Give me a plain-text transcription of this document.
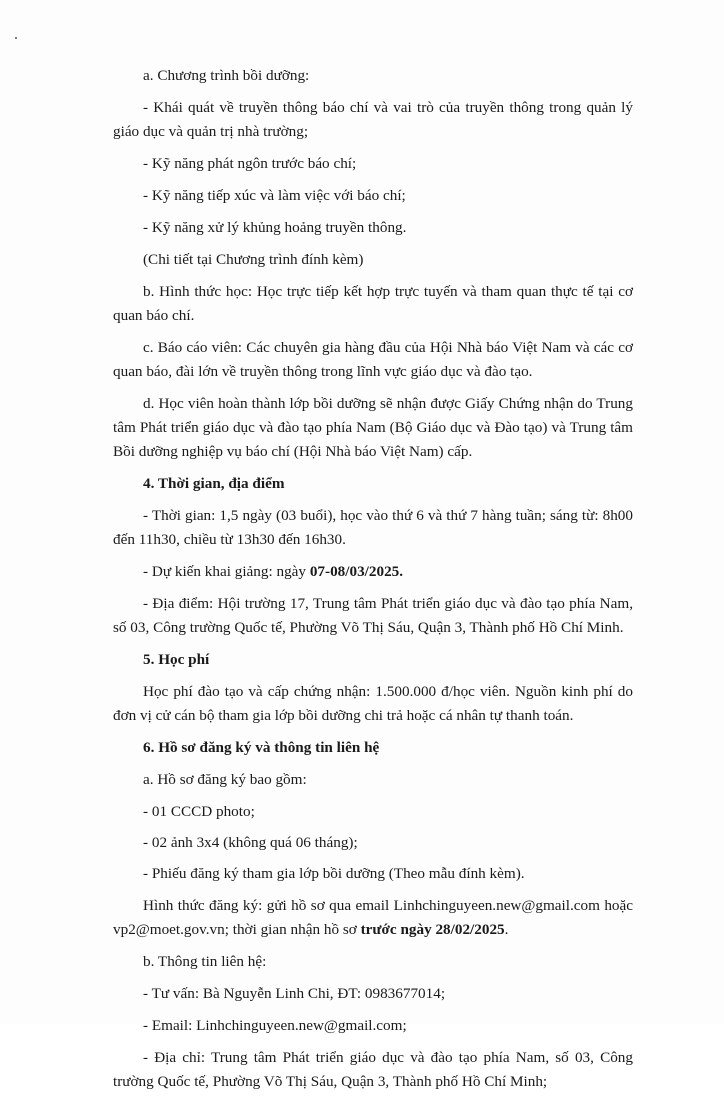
a. Chương trình bồi dưỡng:

- Khái quát về truyền thông báo chí và vai trò của truyền thông trong quản lý giáo dục và quản trị nhà trường;

- Kỹ năng phát ngôn trước báo chí;

- Kỹ năng tiếp xúc và làm việc với báo chí;

- Kỹ năng xử lý khủng hoảng truyền thông.

(Chi tiết tại Chương trình đính kèm)

b. Hình thức học: Học trực tiếp kết hợp trực tuyến và tham quan thực tế tại cơ quan báo chí.

c. Báo cáo viên: Các chuyên gia hàng đầu của Hội Nhà báo Việt Nam và các cơ quan báo, đài lớn về truyền thông trong lĩnh vực giáo dục và đào tạo.

d. Học viên hoàn thành lớp bồi dưỡng sẽ nhận được Giấy Chứng nhận do Trung tâm Phát triển giáo dục và đào tạo phía Nam (Bộ Giáo dục và Đào tạo) và Trung tâm Bồi dưỡng nghiệp vụ báo chí (Hội Nhà báo Việt Nam) cấp.

4. Thời gian, địa điểm

- Thời gian: 1,5 ngày (03 buổi), học vào thứ 6 và thứ 7 hàng tuần; sáng từ: 8h00 đến 11h30, chiều từ 13h30 đến 16h30.

- Dự kiến khai giảng: ngày 07-08/03/2025.

- Địa điểm: Hội trường 17, Trung tâm Phát triển giáo dục và đào tạo phía Nam, số 03, Công trường Quốc tế, Phường Võ Thị Sáu, Quận 3, Thành phố Hồ Chí Minh.

5. Học phí

Học phí đào tạo và cấp chứng nhận: 1.500.000 đ/học viên. Nguồn kinh phí do đơn vị cử cán bộ tham gia lớp bồi dưỡng chi trả hoặc cá nhân tự thanh toán.

6. Hồ sơ đăng ký và thông tin liên hệ

a. Hồ sơ đăng ký bao gồm:

- 01 CCCD photo;

- 02 ảnh 3x4 (không quá 06 tháng);

- Phiếu đăng ký tham gia lớp bồi dưỡng (Theo mẫu đính kèm).

Hình thức đăng ký: gửi hồ sơ qua email Linhchinguyeen.new@gmail.com hoặc vp2@moet.gov.vn; thời gian nhận hồ sơ trước ngày 28/02/2025.

b. Thông tin liên hệ:

- Tư vấn: Bà Nguyễn Linh Chi, ĐT: 0983677014;

- Email: Linhchinguyeen.new@gmail.com;

- Địa chỉ: Trung tâm Phát triển giáo dục và đào tạo phía Nam, số 03, Công trường Quốc tế, Phường Võ Thị Sáu, Quận 3, Thành phố Hồ Chí Minh;
